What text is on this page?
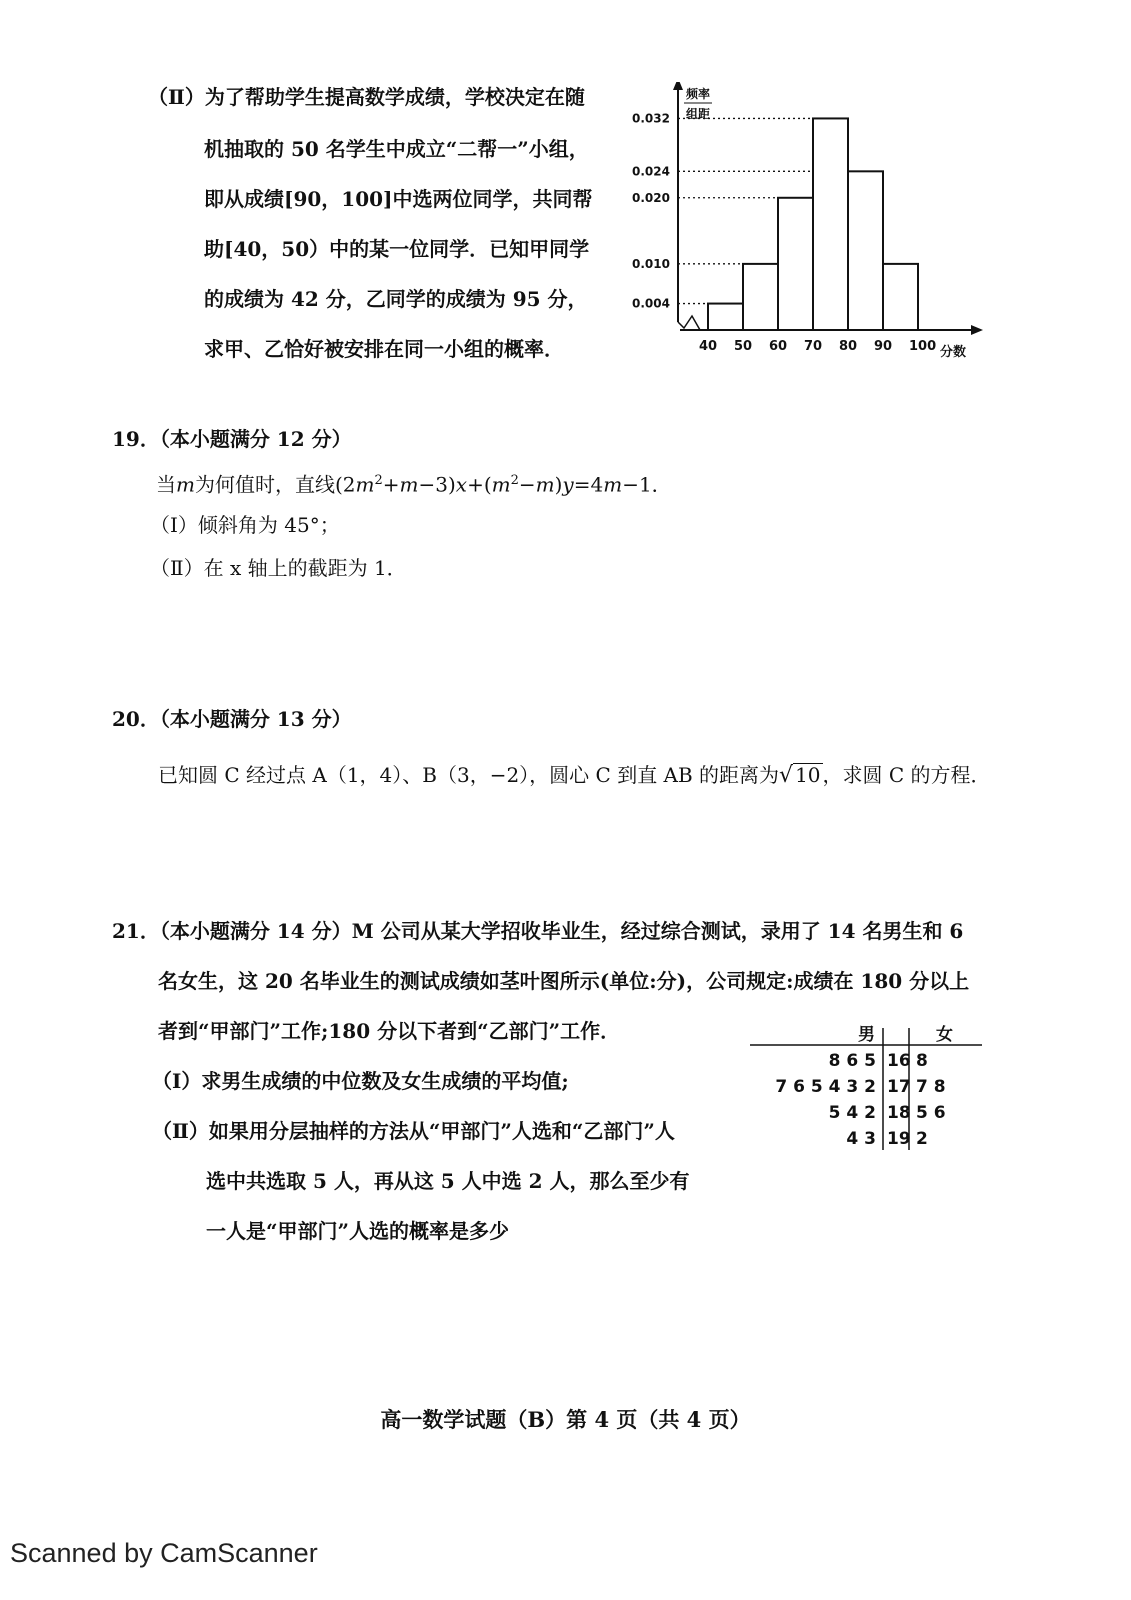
（Ⅱ）为了帮助学生提高数学成绩，学校决定在随
机抽取的 50 名学生中成立“二帮一”小组，
即从成绩[90，100]中选两位同学，共同帮
助[40，50）中的某一位同学．已知甲同学
的成绩为 42 分，乙同学的成绩为 95 分，
求甲、乙恰好被安排在同一小组的概率．
0.032
0.024
0.020
0.010
0.004
40 50 60 70 80 90 100
频率
组距
分数
19．（本小题满分 12 分）
当m为何值时，直线$(2m^2+m-3)x+(m^2-m)y=4m-1$．
（Ⅰ）倾斜角为 45°；
（Ⅱ）在 x 轴上的截距为 1．
20．（本小题满分 13 分）
已知圆 C 经过点 A（1，4）、B（3，−2），圆心 C 到直 AB 的距离为√ 10 ，求圆 C 的方程．
21．（本小题满分 14 分）M 公司从某大学招收毕业生，经过综合测试，录用了 14 名男生和 6
名女生，这 20 名毕业生的测试成绩如茎叶图所示(单位:分)，公司规定:成绩在 180 分以上
者到“甲部门”工作;180 分以下者到“乙部门”工作．
（Ⅰ）求男生成绩的中位数及女生成绩的平均值;
（Ⅱ）如果用分层抽样的方法从“甲部门”人选和“乙部门”人
选中共选取 5 人，再从这 5 人中选 2 人，那么至少有
一人是“甲部门”人选的概率是多少
男	女
8 6 5 16 8
7 6 5 4 3 2 17 7 8
5 4 2 18 5 6
4 3 19 2
高一数学试题（B）第 4 页（共 4 页）
Scanned by CamScanner
